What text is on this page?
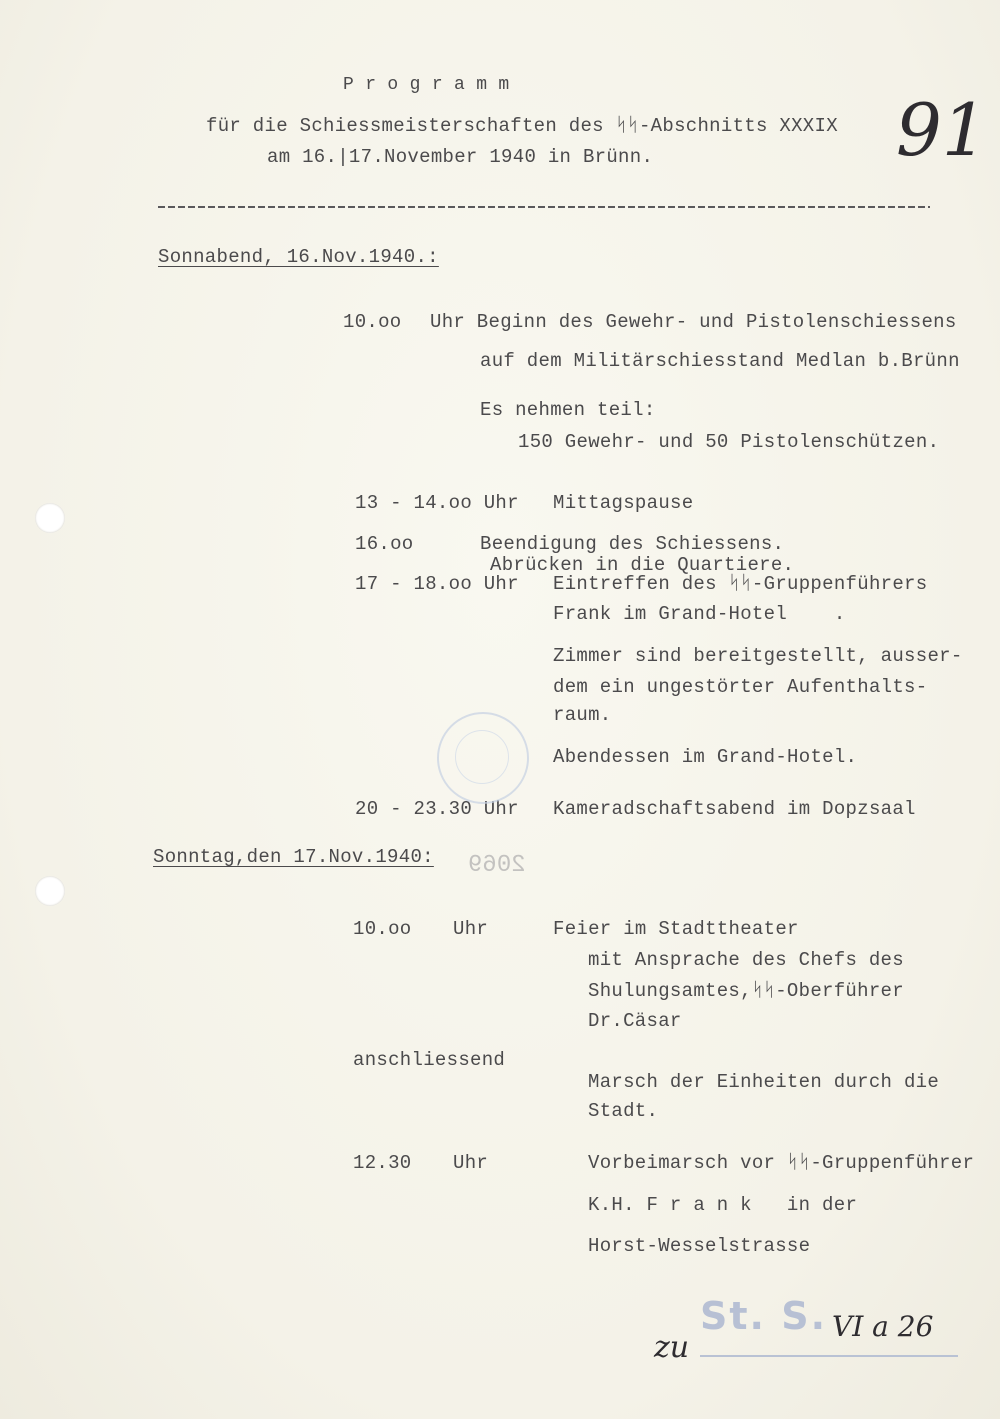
P r o g r a m m
für die Schiessmeisterschaften des ᛋᛋ-Abschnitts XXXIX
am 16.|17.November 1940 in Brünn.	91
Sonnabend, 16.Nov.1940.:
10.oo Uhr Beginn des Gewehr- und Pistolenschiessens
auf dem Militärschiesstand Medlan b.Brünn
Es nehmen teil:
150 Gewehr- und 50 Pistolenschützen.
13 - 14.oo Uhr Mittagspause
16.oo	Beendigung des Schiessens.
Abrücken in die Quartiere.
17 - 18.oo Uhr Eintreffen des ᛋᛋ-Gruppenführers
Frank im Grand-Hotel    .
Zimmer sind bereitgestellt, ausser-
dem ein ungestörter Aufenthalts-
raum.
Abendessen im Grand-Hotel.
20 - 23.30 Uhr Kameradschaftsabend im Dopzsaal
2069
Sonntag,den 17.Nov.1940:
10.oo Uhr	Feier im Stadttheater
mit Ansprache des Chefs des
Shulungsamtes,ᛋᛋ-Oberführer
Dr.Cäsar
anschliessend
Marsch der Einheiten durch die
Stadt.
12.30 Uhr	Vorbeimarsch vor ᛋᛋ-Gruppenführer
K.H. F r a n k   in der
Horst-Wesselstrasse
zu
St. S. VI a 26
